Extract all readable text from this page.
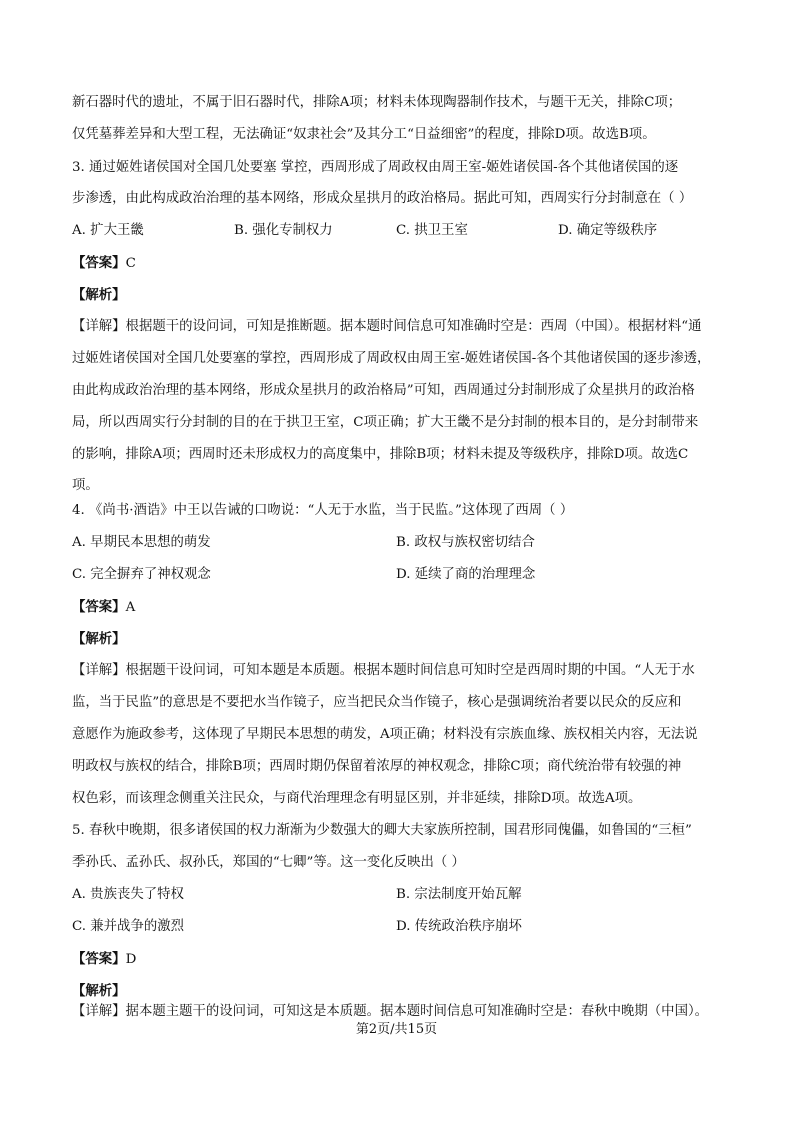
新石器时代的遗址，不属于旧石器时代，排除A项；材料未体现陶器制作技术，与题干无关，排除C项；
仅凭墓葬差异和大型工程，无法确证“奴隶社会”及其分工“日益细密”的程度，排除D项。故选B项。
3. 通过姬姓诸侯国对全国几处要塞 掌控，西周形成了周政权由周王室-姬姓诸侯国-各个其他诸侯国的逐
步渗透，由此构成政治治理的基本网络，形成众星拱月的政治格局。据此可知，西周实行分封制意在（ ）
A. 扩大王畿	B. 强化专制权力	C. 拱卫王室	D. 确定等级秩序
【答案】C
【解析】
【详解】根据题干的设问词，可知是推断题。据本题时间信息可知准确时空是：西周（中国）。根据材料“通
过姬姓诸侯国对全国几处要塞的掌控，西周形成了周政权由周王室-姬姓诸侯国-各个其他诸侯国的逐步渗透，
由此构成政治治理的基本网络，形成众星拱月的政治格局”可知，西周通过分封制形成了众星拱月的政治格
局，所以西周实行分封制的目的在于拱卫王室，C项正确；扩大王畿不是分封制的根本目的，是分封制带来
的影响，排除A项；西周时还未形成权力的高度集中，排除B项；材料未提及等级秩序，排除D项。故选C
项。
4. 《尚书·酒诰》中王以告诫的口吻说：“人无于水监，当于民监。”这体现了西周（ ）
A. 早期民本思想的萌发	B. 政权与族权密切结合
C. 完全摒弃了神权观念	D. 延续了商的治理理念
【答案】A
【解析】
【详解】根据题干设问词，可知本题是本质题。根据本题时间信息可知时空是西周时期的中国。“人无于水
监，当于民监”的意思是不要把水当作镜子，应当把民众当作镜子，核心是强调统治者要以民众的反应和
意愿作为施政参考，这体现了早期民本思想的萌发，A项正确；材料没有宗族血缘、族权相关内容，无法说
明政权与族权的结合，排除B项；西周时期仍保留着浓厚的神权观念，排除C项；商代统治带有较强的神
权色彩，而该理念侧重关注民众，与商代治理理念有明显区别，并非延续，排除D项。故选A项。
5. 春秋中晚期，很多诸侯国的权力渐渐为少数强大的卿大夫家族所控制，国君形同傀儡，如鲁国的“三桓”
季孙氏、孟孙氏、叔孙氏，郑国的“七卿”等。这一变化反映出（ ）
A. 贵族丧失了特权	B. 宗法制度开始瓦解
C. 兼并战争的激烈	D. 传统政治秩序崩坏
【答案】D
【解析】
【详解】据本题主题干的设问词，可知这是本质题。据本题时间信息可知准确时空是：春秋中晚期（中国）。
第2页/共15页
